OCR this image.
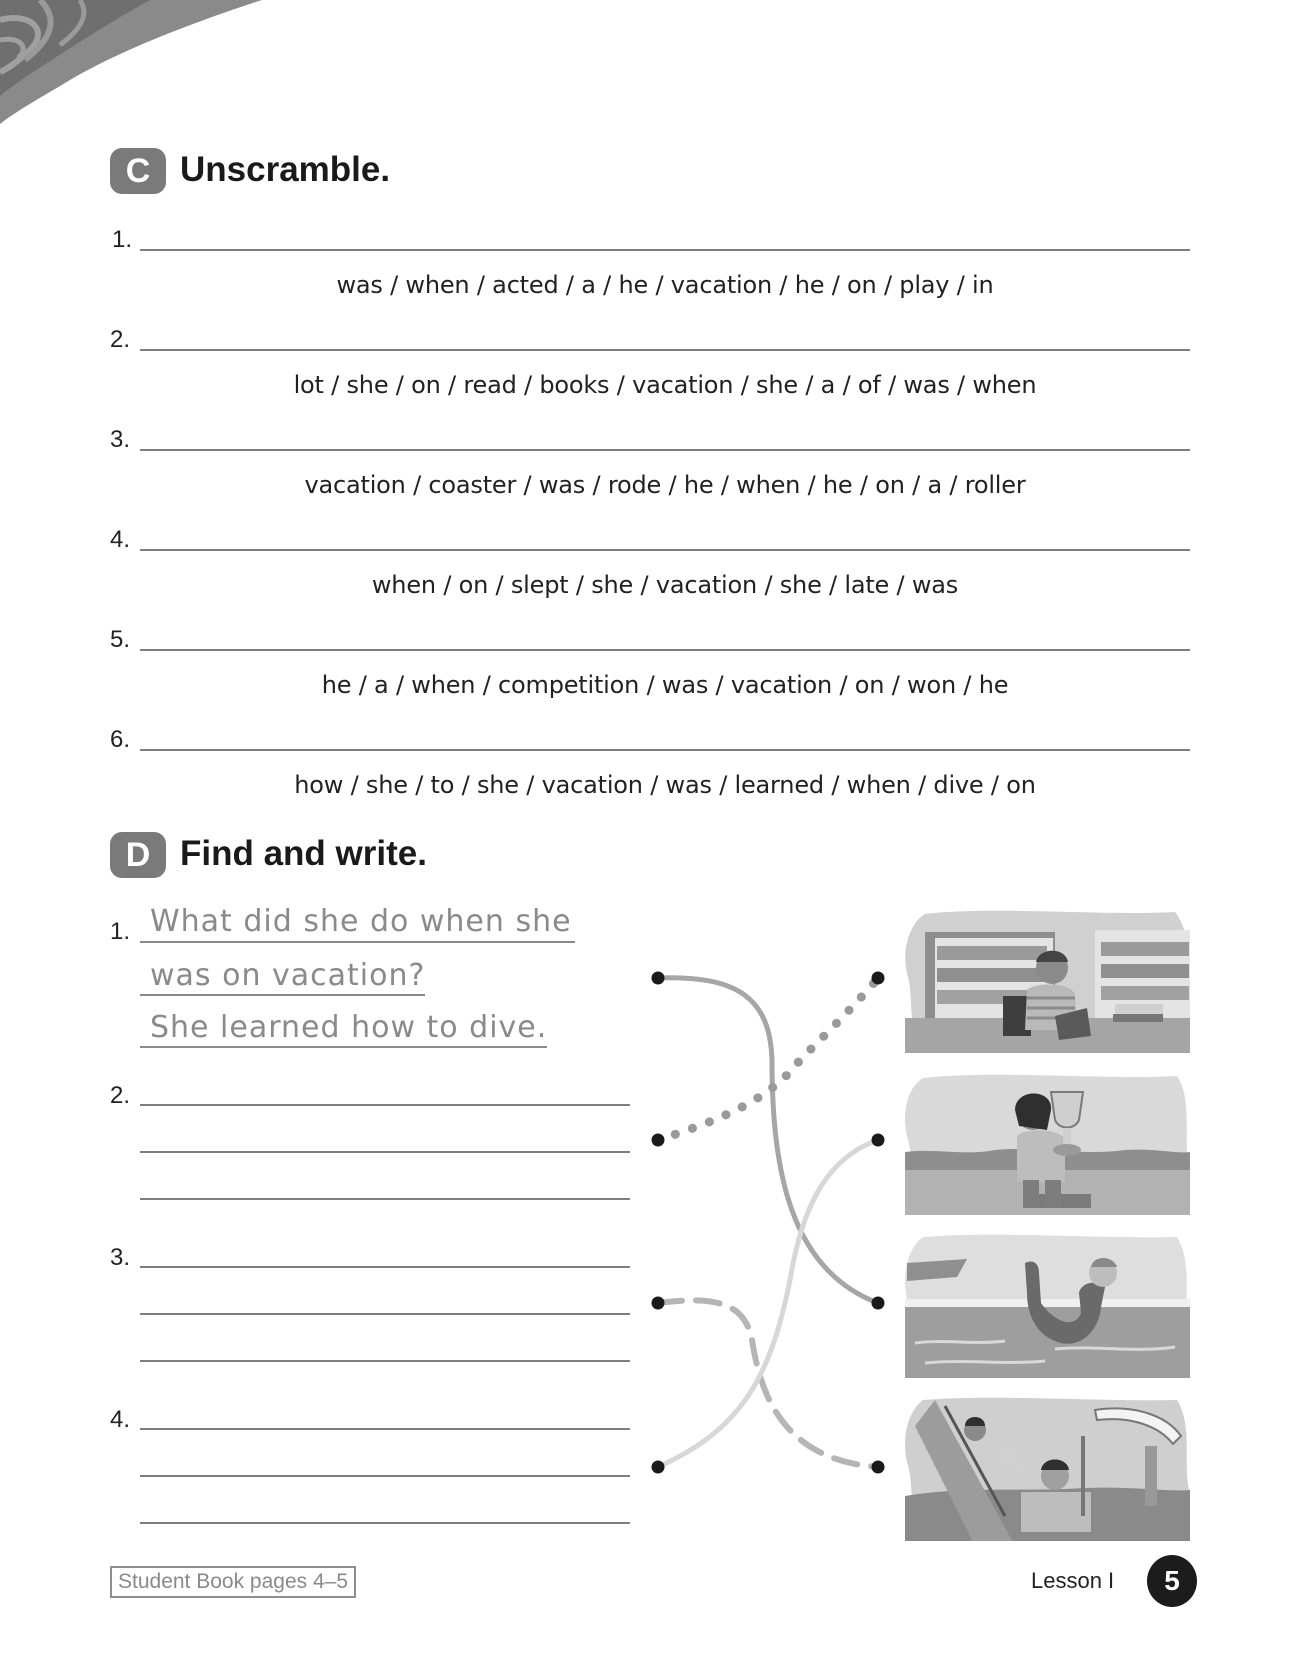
C Unscramble.
1.
was / when / acted / a / he / vacation / he / on / play / in
2.
lot / she / on / read / books / vacation / she / a / of / was / when
3.
vacation / coaster / was / rode / he / when / he / on / a / roller
4.
when / on / slept / she / vacation / she / late / was
5.
he / a / when / competition / was / vacation / on / won / he
6.
how / she / to / she / vacation / was / learned / when / dive / on
D Find and write.
1. What did she do when she
was on vacation?
She learned how to dive.
2.
3.
4.
Student Book pages 4–5	Lesson I	5
